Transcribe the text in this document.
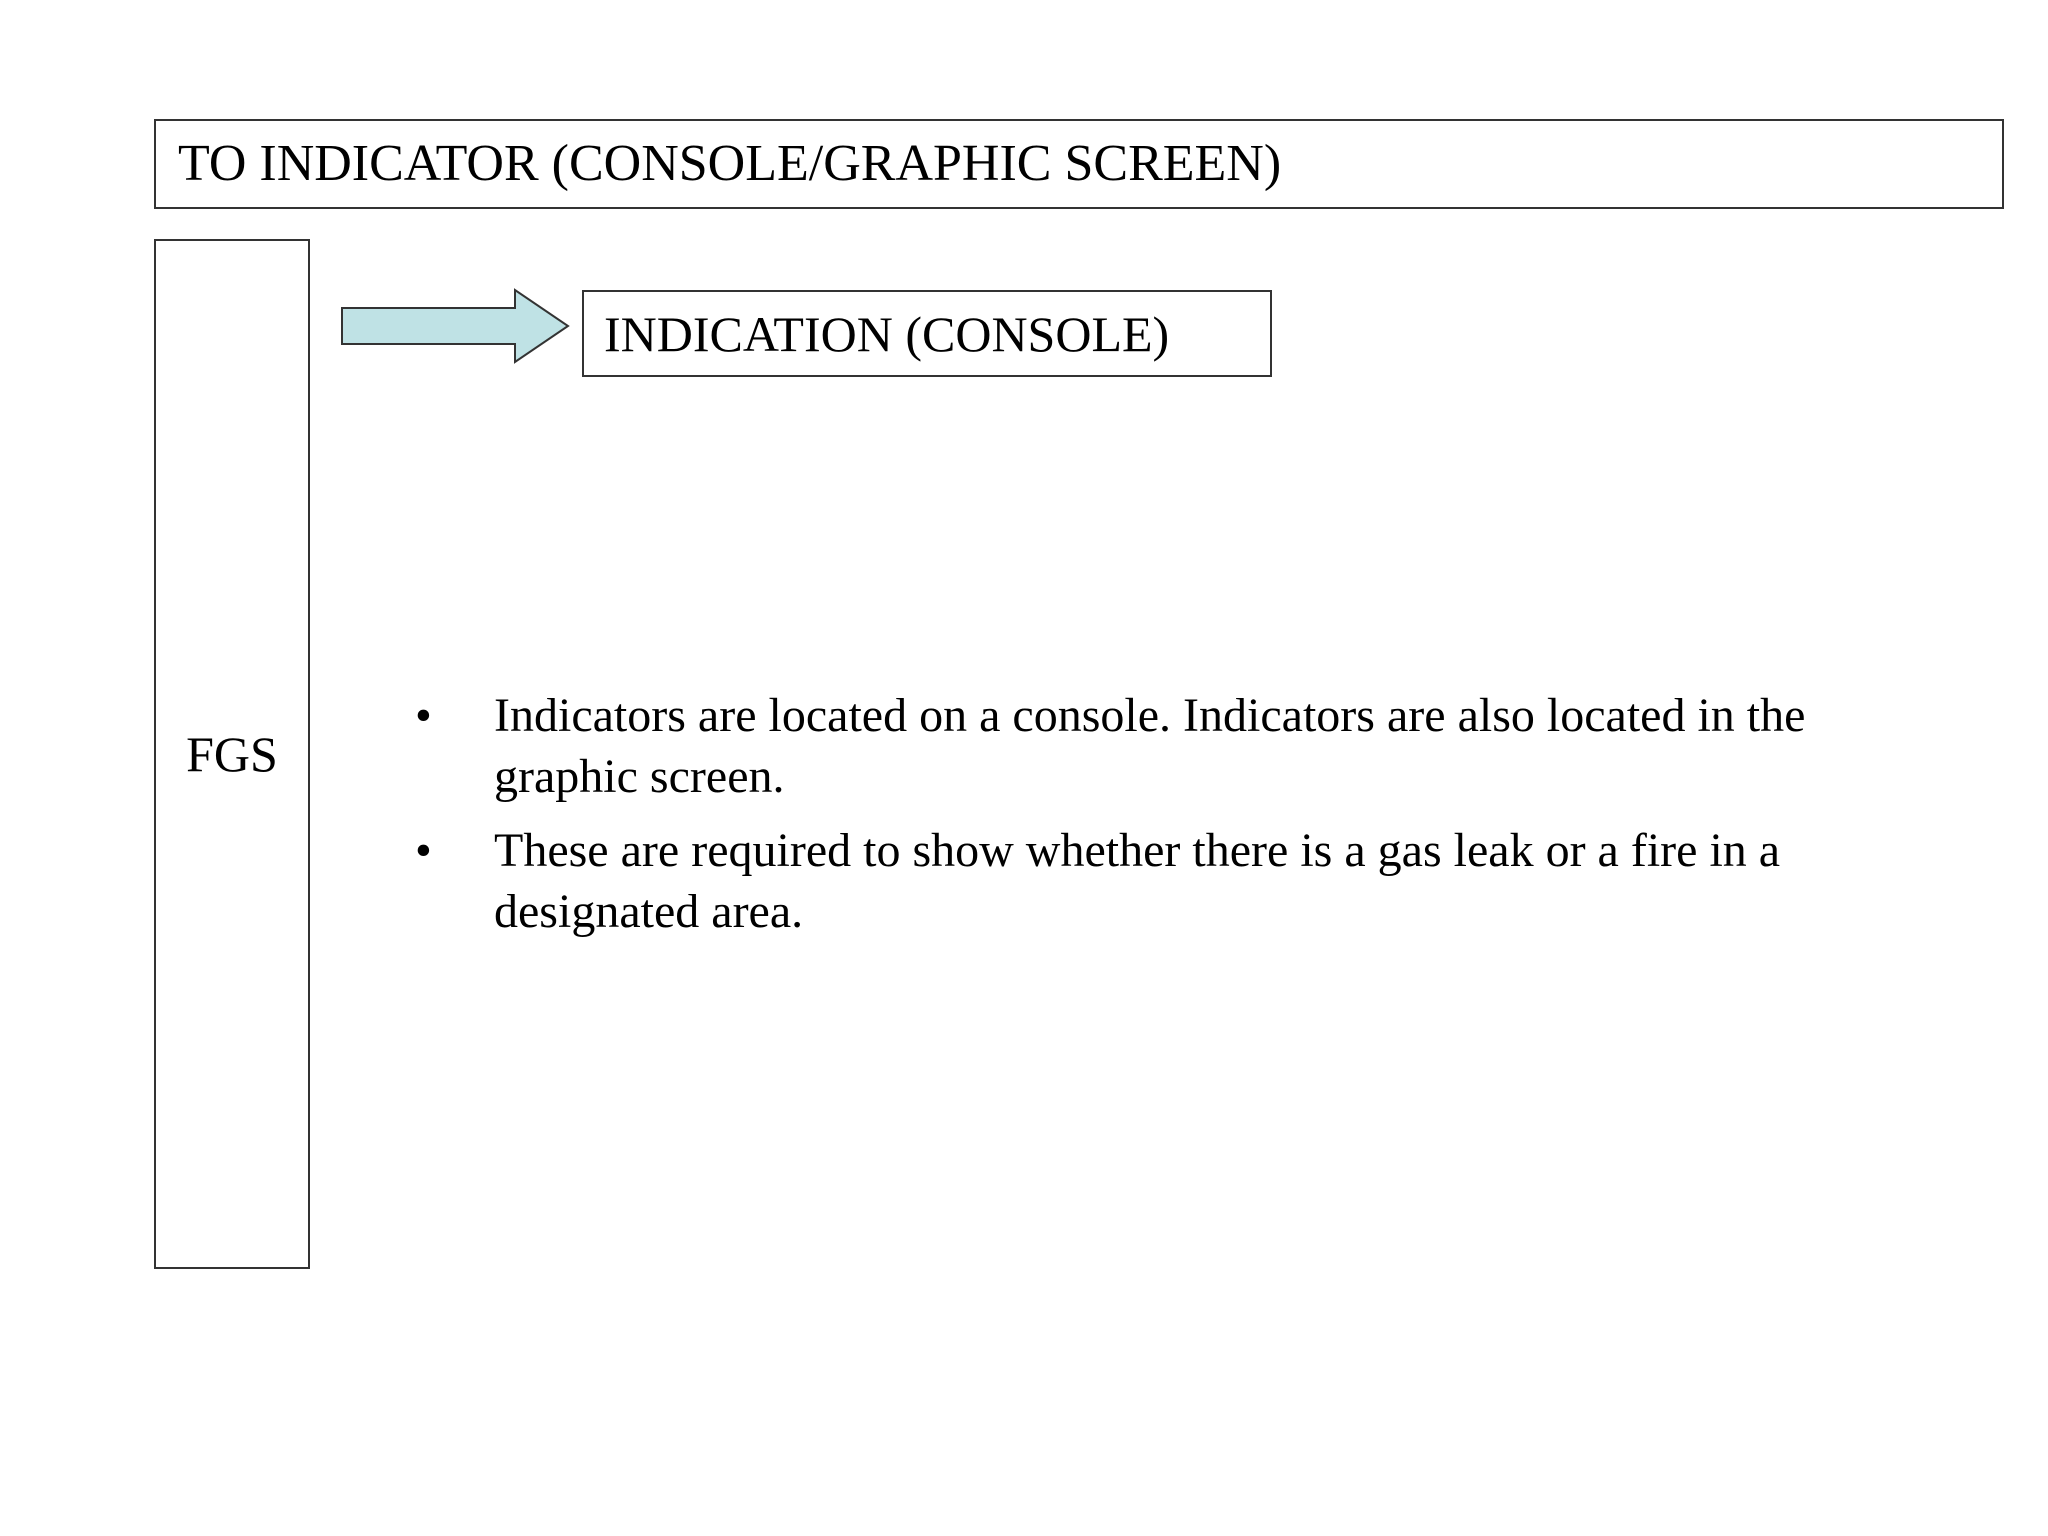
TO INDICATOR (CONSOLE/GRAPHIC SCREEN)
FGS
INDICATION (CONSOLE)
• Indicators are located on a console. Indicators are also located in the graphic screen.
• These are required to show whether there is a gas leak or a fire in a designated area.
